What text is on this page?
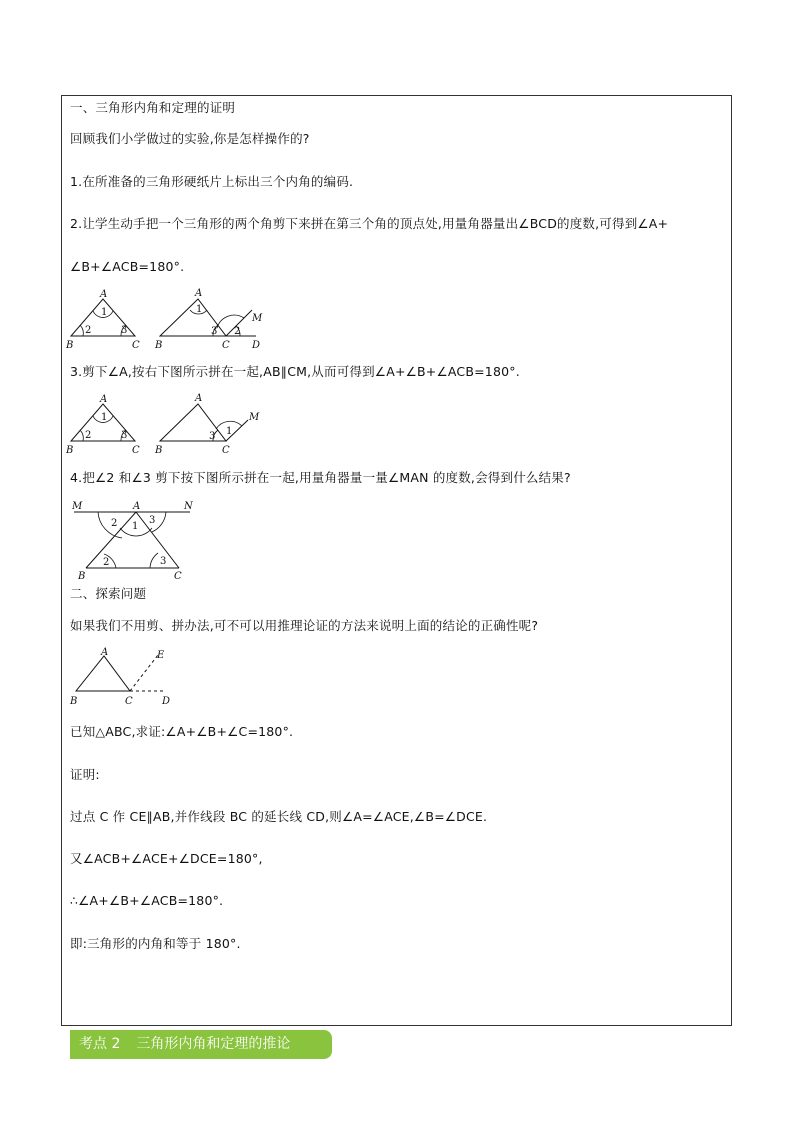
一、三角形内角和定理的证明
回顾我们小学做过的实验,你是怎样操作的?
1.在所准备的三角形硬纸片上标出三个内角的编码.
2.让学生动手把一个三角形的两个角剪下来拼在第三个角的顶点处,用量角器量出∠BCD的度数,可得到∠A+
∠B+∠ACB=180°.
A
B	C
1
2	3
A
B	C D
M
1
2
3
3.剪下∠A,按右下图所示拼在一起,AB∥CM,从而可得到∠A+∠B+∠ACB=180°.
A
B	C
1
2	3
A
B	C
M
1
3
4.把∠2 和∠3 剪下按下图所示拼在一起,用量角器量一量∠MAN 的度数,会得到什么结果?
M	A	N
B	C
1
2	3
2	3
二、探索问题
如果我们不用剪、拼办法,可不可以用推理论证的方法来说明上面的结论的正确性呢?
A
B	C	D
E
已知△ABC,求证:∠A+∠B+∠C=180°.
证明:
过点 C 作 CE∥AB,并作线段 BC 的延长线 CD,则∠A=∠ACE,∠B=∠DCE.
又∠ACB+∠ACE+∠DCE=180°,
∴∠A+∠B+∠ACB=180°.
即:三角形的内角和等于 180°.
考点 2 三角形内角和定理的推论
